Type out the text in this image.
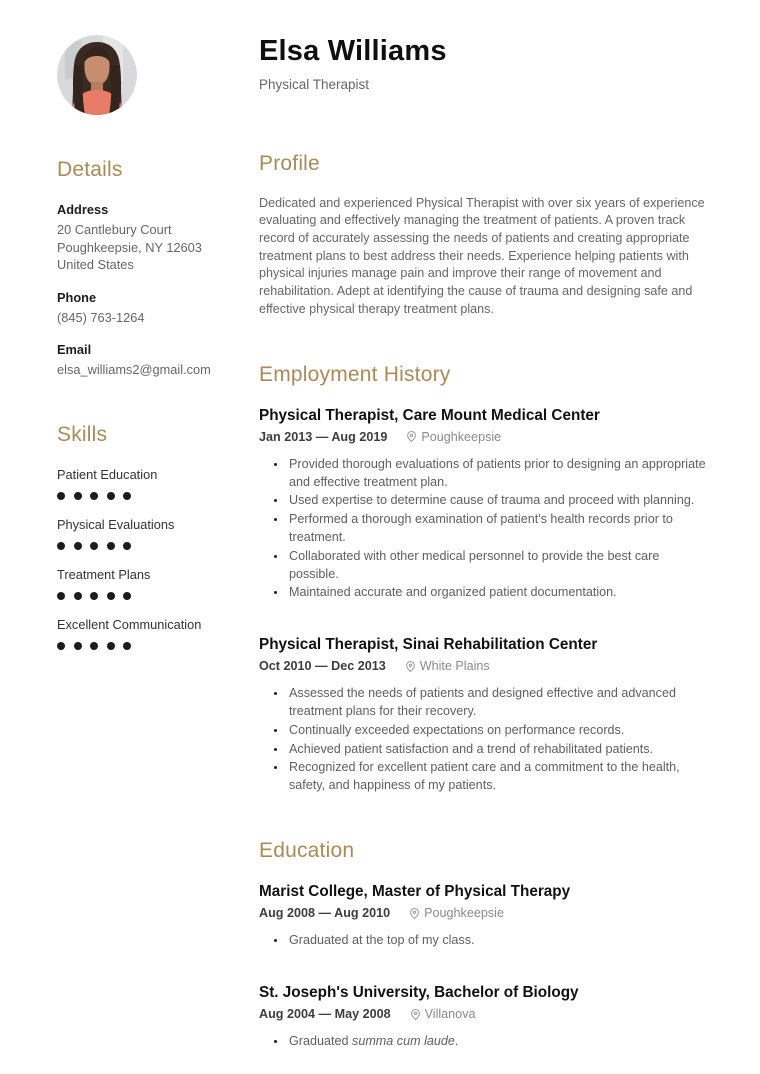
Details
Address
20 Cantlebury Court
Poughkeepsie, NY 12603
United States
Phone
(845) 763-1264
Email
elsa_williams2@gmail.com
Skills
Patient Education
Physical Evaluations
Treatment Plans
Excellent Communication
Elsa Williams
Physical Therapist
Profile

Dedicated and experienced Physical Therapist with over six years of experience evaluating and effectively managing the treatment of patients. A proven track record of accurately assessing the needs of patients and creating appropriate treatment plans to best address their needs. Experience helping patients with physical injuries manage pain and improve their range of movement and rehabilitation. Adept at identifying the cause of trauma and designing safe and effective physical therapy treatment plans.

Employment History
Physical Therapist, Care Mount Medical Center
Jan 2013 — Aug 2019	Poughkeepsie
• Provided thorough evaluations of patients prior to designing an appropriate and effective treatment plan.
• Used expertise to determine cause of trauma and proceed with planning.
• Performed a thorough examination of patient's health records prior to treatment.
• Collaborated with other medical personnel to provide the best care possible.
• Maintained accurate and organized patient documentation.
Physical Therapist, Sinai Rehabilitation Center
Oct 2010 — Dec 2013	White Plains
• Assessed the needs of patients and designed effective and advanced treatment plans for their recovery.
• Continually exceeded expectations on performance records.
• Achieved patient satisfaction and a trend of rehabilitated patients.
• Recognized for excellent patient care and a commitment to the health, safety, and happiness of my patients.
Education
Marist College, Master of Physical Therapy
Aug 2008 — Aug 2010	Poughkeepsie
• Graduated at the top of my class.
St. Joseph's University, Bachelor of Biology
Aug 2004 — May 2008	Villanova
• Graduated summa cum laude.
